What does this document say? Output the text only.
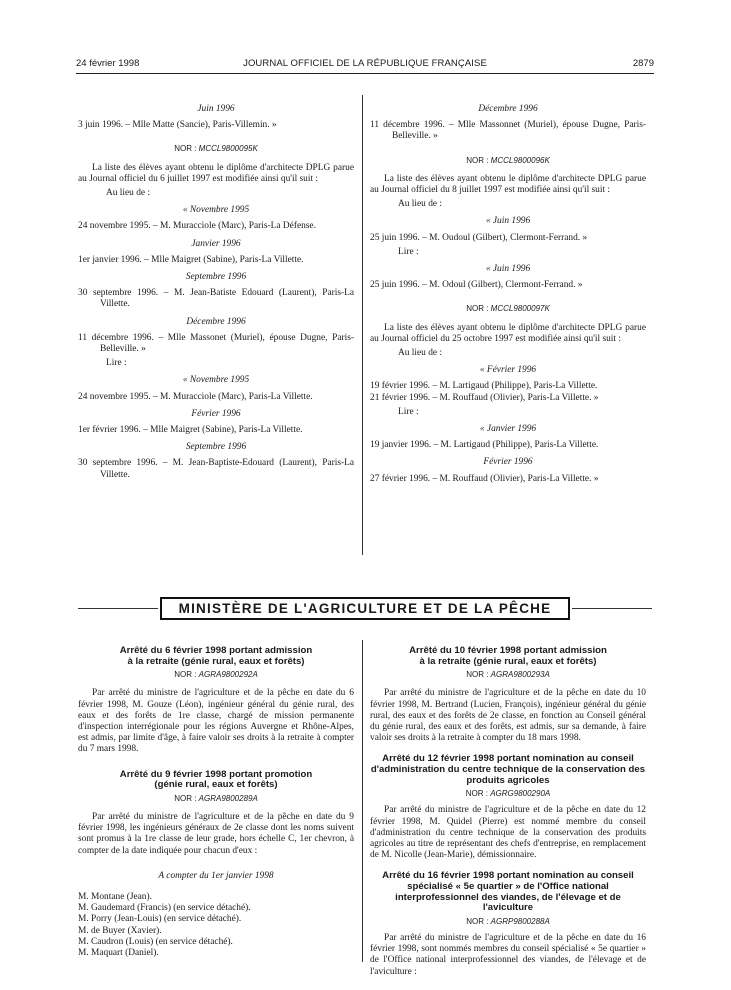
24 février 1998	JOURNAL OFFICIEL DE LA RÉPUBLIQUE FRANÇAISE	2879

Juin 1996

3 juin 1996. – Mlle Matte (Sancie), Paris-Villemin. »

NOR : MCCL9800095K

La liste des élèves ayant obtenu le diplôme d'architecte DPLG parue au Journal officiel du 6 juillet 1997 est modifiée ainsi qu'il suit :

Au lieu de :

« Novembre 1995

24 novembre 1995. – M. Muracciole (Marc), Paris-La Défense.

Janvier 1996

1er janvier 1996. – Mlle Maigret (Sabine), Paris-La Villette.

Septembre 1996

30 septembre 1996. – M. Jean-Batiste Edouard (Laurent), Paris-La Villette.

Décembre 1996

11 décembre 1996. – Mlle Massonet (Muriel), épouse Dugne, Paris-Belleville. »

Lire :

« Novembre 1995

24 novembre 1995. – M. Muracciole (Marc), Paris-La Villette.

Février 1996

1er février 1996. – Mlle Maigret (Sabine), Paris-La Villette.

Septembre 1996

30 septembre 1996. – M. Jean-Baptiste-Edouard (Laurent), Paris-La Villette.

Décembre 1996

11 décembre 1996. – Mlle Massonnet (Muriel), épouse Dugne, Paris-Belleville. »

NOR : MCCL9800096K

La liste des élèves ayant obtenu le diplôme d'architecte DPLG parue au Journal officiel du 8 juillet 1997 est modifiée ainsi qu'il suit :

Au lieu de :

« Juin 1996

25 juin 1996. – M. Oudoul (Gilbert), Clermont-Ferrand. »

Lire :

« Juin 1996

25 juin 1996. – M. Odoul (Gilbert), Clermont-Ferrand. »

NOR : MCCL9800097K

La liste des élèves ayant obtenu le diplôme d'architecte DPLG parue au Journal officiel du 25 octobre 1997 est modifiée ainsi qu'il suit :

Au lieu de :

« Février 1996

19 février 1996. – M. Lartigaud (Philippe), Paris-La Villette.

21 février 1996. – M. Rouffaud (Olivier), Paris-La Villette. »

Lire :

« Janvier 1996

19 janvier 1996. – M. Lartigaud (Philippe), Paris-La Villette.

Février 1996

27 février 1996. – M. Rouffaud (Olivier), Paris-La Villette. »

MINISTÈRE DE L'AGRICULTURE ET DE LA PÊCHE

Arrêté du 6 février 1998 portant admission

à la retraite (génie rural, eaux et forêts)

NOR : AGRA9800292A

Par arrêté du ministre de l'agriculture et de la pêche en date du 6 février 1998, M. Gouze (Léon), ingénieur général du génie rural, des eaux et des forêts de 1re classe, chargé de mission permanente d'inspection interrégionale pour les régions Auvergne et Rhône-Alpes, est admis, par limite d'âge, à faire valoir ses droits à la retraite à compter du 7 mars 1998.

Arrêté du 9 février 1998 portant promotion

(génie rural, eaux et forêts)

NOR : AGRA9800289A

Par arrêté du ministre de l'agriculture et de la pêche en date du 9 février 1998, les ingénieurs généraux de 2e classe dont les noms suivent sont promus à la 1re classe de leur grade, hors échelle C, 1er chevron, à compter de la date indiquée pour chacun d'eux :

A compter du 1er janvier 1998

M. Montane (Jean).
M. Gaudemard (Francis) (en service détaché).
M. Porry (Jean-Louis) (en service détaché).
M. de Buyer (Xavier).
M. Caudron (Louis) (en service détaché).
M. Maquart (Daniel).

Arrêté du 10 février 1998 portant admission

à la retraite (génie rural, eaux et forêts)

NOR : AGRA9800293A

Par arrêté du ministre de l'agriculture et de la pêche en date du 10 février 1998, M. Bertrand (Lucien, François), ingénieur général du génie rural, des eaux et des forêts de 2e classe, en fonction au Conseil général du génie rural, des eaux et des forêts, est admis, sur sa demande, à faire valoir ses droits à la retraite à compter du 18 mars 1998.

Arrêté du 12 février 1998 portant nomination au conseil d'administration du centre technique de la conservation des produits agricoles

NOR : AGRG9800290A

Par arrêté du ministre de l'agriculture et de la pêche en date du 12 février 1998, M. Quidel (Pierre) est nommé membre du conseil d'administration du centre technique de la conservation des produits agricoles au titre de représentant des chefs d'entreprise, en remplacement de M. Nicolle (Jean-Marie), démissionnaire.

Arrêté du 16 février 1998 portant nomination au conseil spécialisé « 5e quartier » de l'Office national interprofessionnel des viandes, de l'élevage et de l'aviculture

NOR : AGRP9800288A

Par arrêté du ministre de l'agriculture et de la pêche en date du 16 février 1998, sont nommés membres du conseil spécialisé « 5e quartier » de l'Office national interprofessionnel des viandes, de l'élevage et de l'aviculture :
